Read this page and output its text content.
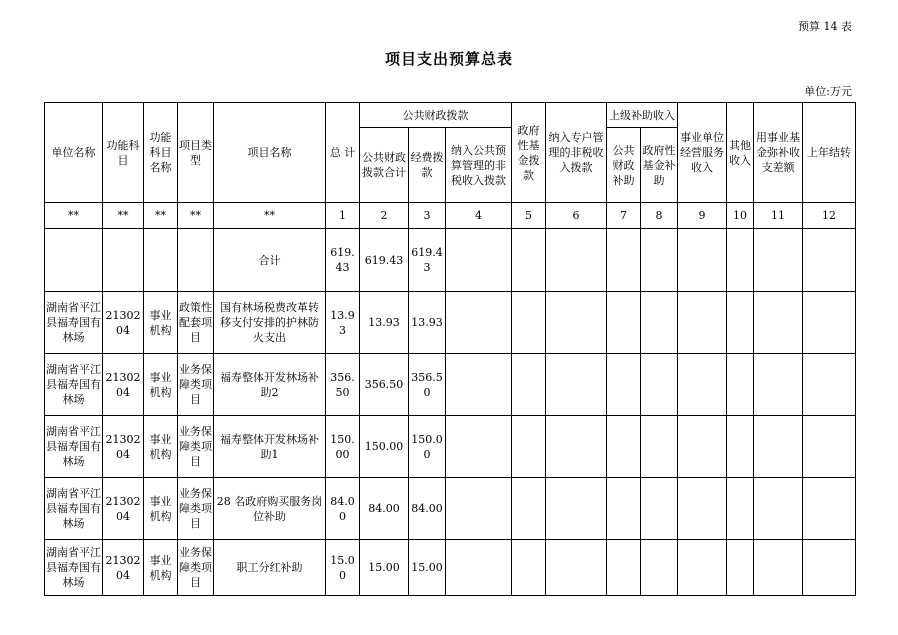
预算 14 表
项目支出预算总表
单位:万元
单位名称	功能科目	功能科目名称	项目类型	项目名称	总 计	公共财政拨款			政府性基金拨款	纳入专户管理的非税收入拨款	上级补助收入		事业单位经营服务收入	其他收入	用事业基金弥补收支差额	上年结转
						公共财政拨款合计	经费拨款	纳入公共预算管理的非税收入拨款			公共财政补助	政府性基金补助				

**	**	**	**	**	1	2	3	4	5	6	7	8	9	10	11	12
				合计	619.43	619.43	619.43									
湖南省平江县福寿国有林场	2130204	事业机构	政策性配套项目	国有林场税费改革转移支付安排的护林防火支出	13.93	13.93	13.93									
湖南省平江县福寿国有林场	2130204	事业机构	业务保障类项目	福寿整体开发林场补助2	356.50	356.50	356.50									
湖南省平江县福寿国有林场	2130204	事业机构	业务保障类项目	福寿整体开发林场补助1	150.00	150.00	150.00									
湖南省平江县福寿国有林场	2130204	事业机构	业务保障类项目	28 名政府购买服务岗位补助	84.00	84.00	84.00									
湖南省平江县福寿国有林场	2130204	事业机构	业务保障类项目	职工分红补助	15.00	15.00	15.00									
